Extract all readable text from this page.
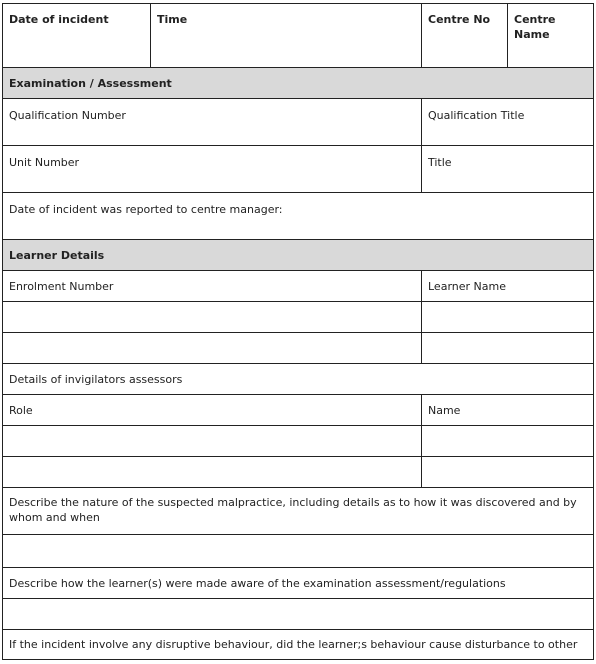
Date of incident	Time	Centre No	Centre Name
Examination / Assessment			
Qualification Number		Qualification Title	
Unit Number		Title	
Date of incident was reported to centre manager:			
Learner Details			
Enrolment Number		Learner Name	

Details of invigilators assessors			
Role		Name	

Describe the nature of the suspected malpractice, including details as to how it was discovered and by whom and when			

Describe how the learner(s) were made aware of the examination assessment/regulations			

If the incident involve any disruptive behaviour, did the learner;s behaviour cause disturbance to other			
